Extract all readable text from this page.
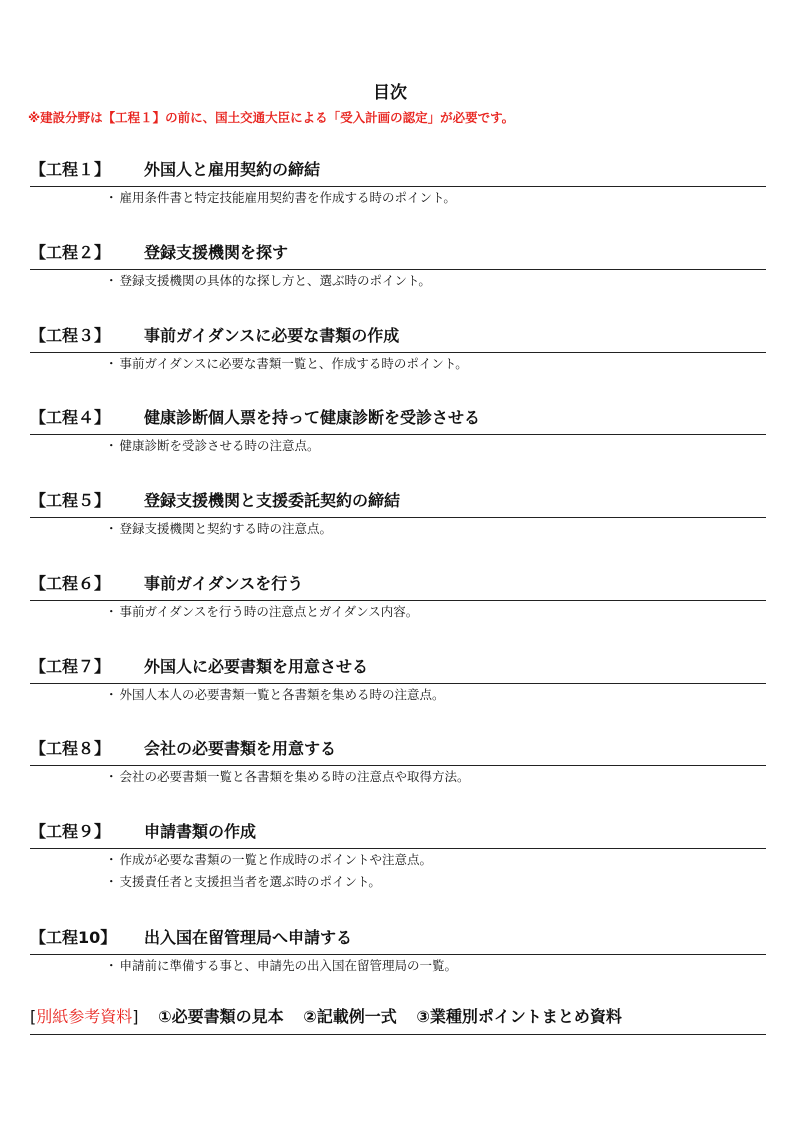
目次
※建設分野は【工程１】の前に、国土交通大臣による「受入計画の認定」が必要です。
【工程１】	外国人と雇用契約の締結
・ 雇用条件書と特定技能雇用契約書を作成する時のポイント。
【工程２】	登録支援機関を探す
・ 登録支援機関の具体的な探し方と、選ぶ時のポイント。
【工程３】	事前ガイダンスに必要な書類の作成
・ 事前ガイダンスに必要な書類一覧と、作成する時のポイント。
【工程４】	健康診断個人票を持って健康診断を受診させる
・ 健康診断を受診させる時の注意点。
【工程５】	登録支援機関と支援委託契約の締結
・ 登録支援機関と契約する時の注意点。
【工程６】	事前ガイダンスを行う
・ 事前ガイダンスを行う時の注意点とガイダンス内容。
【工程７】	外国人に必要書類を用意させる
・ 外国人本人の必要書類一覧と各書類を集める時の注意点。
【工程８】	会社の必要書類を用意する
・ 会社の必要書類一覧と各書類を集める時の注意点や取得方法。
【工程９】	申請書類の作成
・ 作成が必要な書類の一覧と作成時のポイントや注意点。
・ 支援責任者と支援担当者を選ぶ時のポイント。
【工程10】	出入国在留管理局へ申請する
・ 申請前に準備する事と、申請先の出入国在留管理局の一覧。
[別紙参考資料] ①必要書類の見本 ②記載例一式 ③業種別ポイントまとめ資料
